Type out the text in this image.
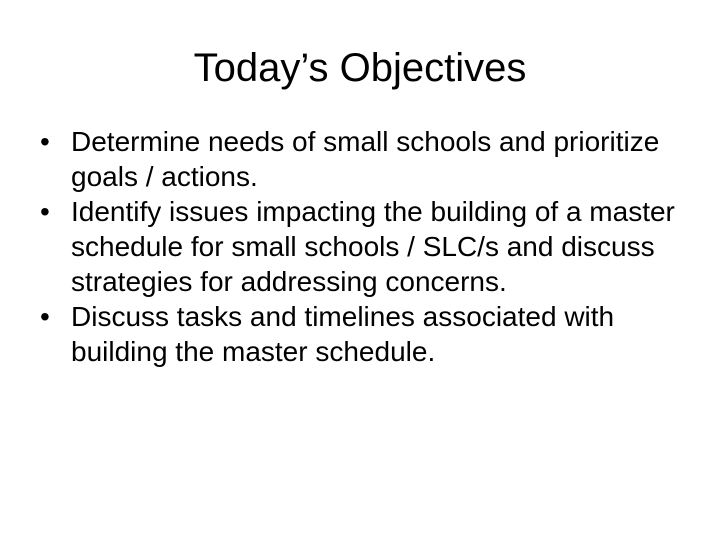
Today’s Objectives
• Determine needs of small schools and prioritize goals / actions.
• Identify issues impacting the building of a master schedule for small schools / SLC/s and discuss strategies for addressing concerns.
• Discuss tasks and timelines associated with building the master schedule.
